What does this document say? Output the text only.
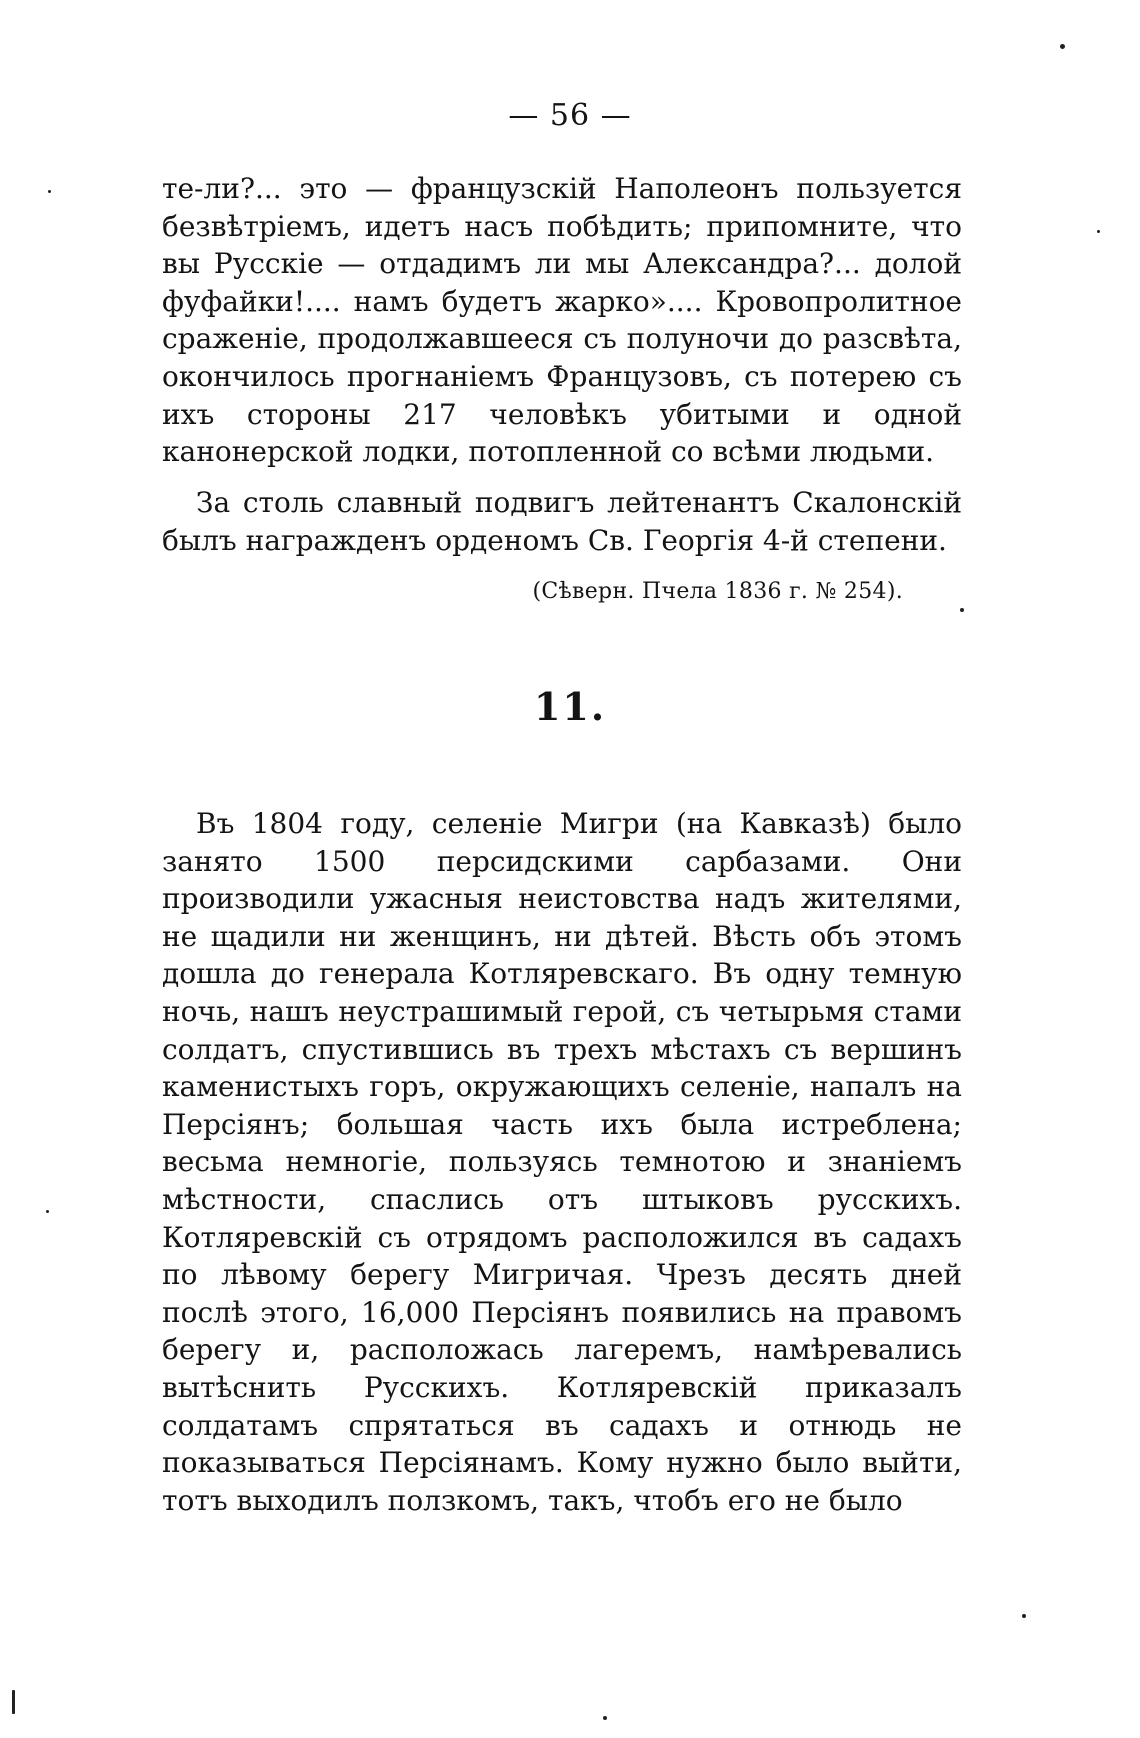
— 56 —
те-ли?... это — французскій Наполеонъ пользуется безвѣтріемъ, идетъ насъ побѣдить; припомните, что вы Русскіе — отдадимъ ли мы Александра?... долой фуфайки!.... намъ будетъ жарко».... Кровопролитное сраженіе, продолжавшееся съ полуночи до разсвѣта, окончилось прогнаніемъ Французовъ, съ потерею съ ихъ стороны 217 человѣкъ убитыми и одной канонерской лодки, потопленной со всѣми людьми.
За столь славный подвигъ лейтенантъ Скалонскій былъ награжденъ орденомъ Св. Георгія 4-й степени.
(Сѣверн. Пчела 1836 г. № 254).
11.
Въ 1804 году, селеніе Мигри (на Кавказѣ) было занято 1500 персидскими сарбазами. Они производили ужасныя неистовства надъ жителями, не щадили ни женщинъ, ни дѣтей. Вѣсть объ этомъ дошла до генерала Котляревскаго. Въ одну темную ночь, нашъ неустрашимый герой, съ четырьмя стами солдатъ, спустившись въ трехъ мѣстахъ съ вершинъ каменистыхъ горъ, окружающихъ селеніе, напалъ на Персіянъ; большая часть ихъ была истреблена; весьма немногіе, пользуясь темнотою и знаніемъ мѣстности, спаслись отъ штыковъ русскихъ. Котляревскій съ отрядомъ расположился въ садахъ по лѣвому берегу Мигричая. Чрезъ десять дней послѣ этого, 16,000 Персіянъ появились на правомъ берегу и, расположась лагеремъ, намѣревались вытѣснить Русскихъ. Котляревскій приказалъ солдатамъ спрятаться въ садахъ и отнюдь не показываться Персіянамъ. Кому нужно было выйти, тотъ выходилъ ползкомъ, такъ, чтобъ его не было
